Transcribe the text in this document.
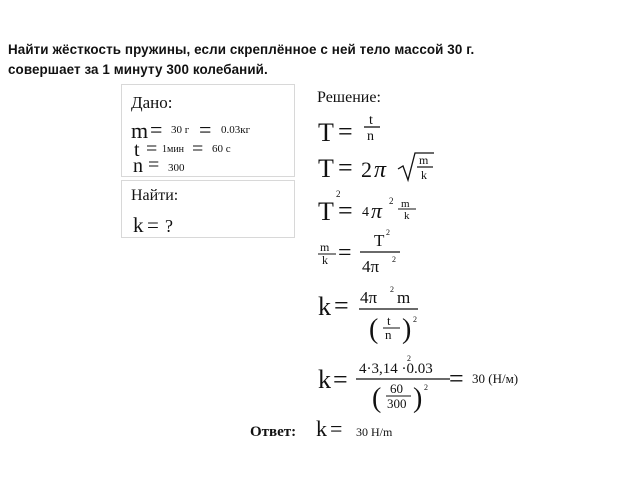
Найти жёсткость пружины, если скреплённое с ней тело массой 30 г.
совершает за 1 минуту 300 колебаний.
Дано:
m = 30 г = 0.03кг
t = 1мин = 60 с
n = 300
Найти:
k = ?
Решение:
T = t
n
T = 2 π	m
k
T
2
= 4 π 2 m
k
m
k = T 2
4π 2
k = 4π 2 m
( t
n ) 2
k = 4·3,14 ·0.03
2
( 60
300 ) 2 = 30 (Н/м)
Ответ: k = 30 Н/m
